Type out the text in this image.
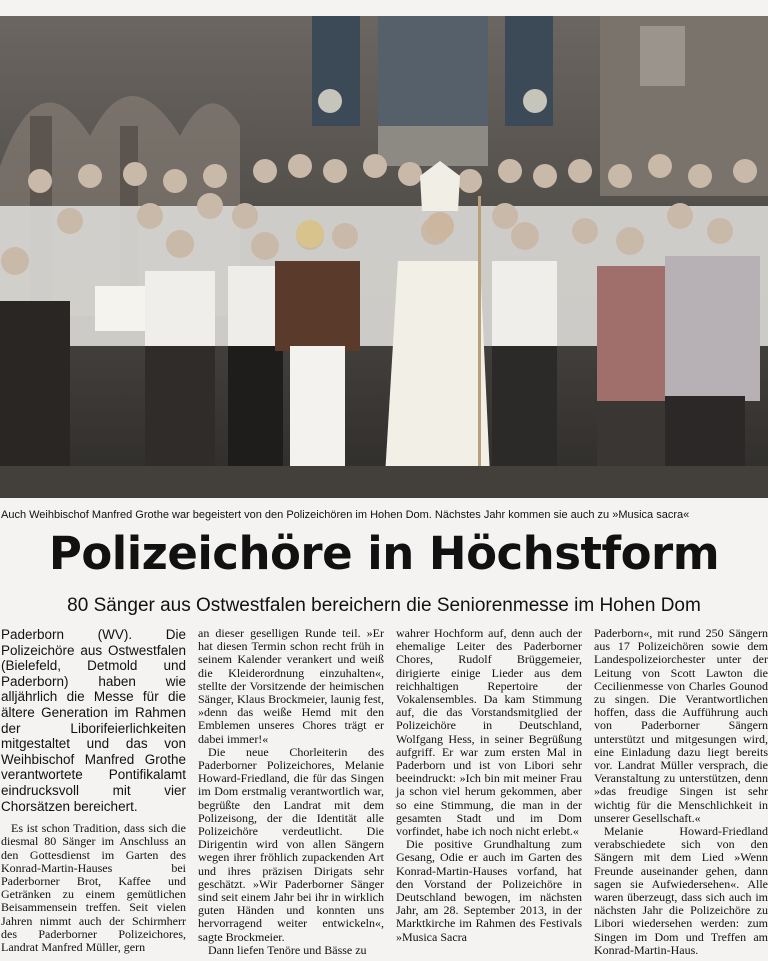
Auch Weihbischof Manfred Grothe war begeistert von den Polizeichören im Hohen Dom. Nächstes Jahr kommen sie auch zu »Musica sacra«
Polizeichöre in Höchstform
80 Sänger aus Ostwestfalen bereichern die Seniorenmesse im Hohen Dom

Paderborn (WV). Die Polizeichöre aus Ostwestfalen (Bielefeld, Detmold und Paderborn) haben wie alljährlich die Messe für die ältere Generation im Rahmen der Liborifeierlichkeiten mitgestaltet und das von Weihbischof Manfred Grothe verantwortete Pontifikalamt eindrucksvoll mit vier Chorsätzen bereichert.

Es ist schon Tradition, dass sich die diesmal 80 Sänger im Anschluss an den Gottesdienst im Garten des Konrad-Martin-Hauses bei Paderborner Brot, Kaffee und Getränken zu einem gemütlichen Beisammensein treffen. Seit vielen Jahren nimmt auch der Schirmherr des Paderborner Polizeichores, Landrat Manfred Müller, gern

an dieser geselligen Runde teil. »Er hat diesen Termin schon recht früh in seinem Kalender verankert und weiß die Kleiderordnung einzuhalten«, stellte der Vorsitzende der heimischen Sänger, Klaus Brockmeier, launig fest, »denn das weiße Hemd mit den Emblemen unseres Chores trägt er dabei immer!«

Die neue Chorleiterin des Paderborner Polizeichores, Melanie Howard-Friedland, die für das Singen im Dom erstmalig verantwortlich war, begrüßte den Landrat mit dem Polizeisong, der die Identität alle Polizeichöre verdeutlicht. Die Dirigentin wird von allen Sängern wegen ihrer fröhlich zupackenden Art und ihres präzisen Dirigats sehr geschätzt. »Wir Paderborner Sänger sind seit einem Jahr bei ihr in wirklich guten Händen und konnten uns hervorragend weiter entwickeln«, sagte Brockmeier.

Dann liefen Tenöre und Bässe zu

wahrer Hochform auf, denn auch der ehemalige Leiter des Paderborner Chores, Rudolf Brüggemeier, dirigierte einige Lieder aus dem reichhaltigen Repertoire der Vokalensembles. Da kam Stimmung auf, die das Vorstandsmitglied der Polizeichöre in Deutschland, Wolfgang Hess, in seiner Begrüßung aufgriff. Er war zum ersten Mal in Paderborn und ist von Libori sehr beeindruckt: »Ich bin mit meiner Frau ja schon viel herum gekommen, aber so eine Stimmung, die man in der gesamten Stadt und im Dom vorfindet, habe ich noch nicht erlebt.«

Die positive Grundhaltung zum Gesang, Odie er auch im Garten des Konrad-Martin-Hauses vorfand, hat den Vorstand der Polizeichöre in Deutschland bewogen, im nächsten Jahr, am 28. September 2013, in der Marktkirche im Rahmen des Festivals »Musica Sacra

Paderborn«, mit rund 250 Sängern aus 17 Polizeichören sowie dem Landespolizeiorchester unter der Leitung von Scott Lawton die Cecilienmesse von Charles Gounod zu singen. Die Verantwortlichen hoffen, dass die Aufführung auch von Paderborner Sängern unterstützt und mitgesungen wird, eine Einladung dazu liegt bereits vor. Landrat Müller versprach, die Veranstaltung zu unterstützen, denn »das freudige Singen ist sehr wichtig für die Menschlichkeit in unserer Gesellschaft.«

Melanie Howard-Friedland verabschiedete sich von den Sängern mit dem Lied »Wenn Freunde auseinander gehen, dann sagen sie Aufwiedersehen«. Alle waren überzeugt, dass sich auch im nächsten Jahr die Polizeichöre zu Libori wiedersehen werden: zum Singen im Dom und Treffen am Konrad-Martin-Haus.
